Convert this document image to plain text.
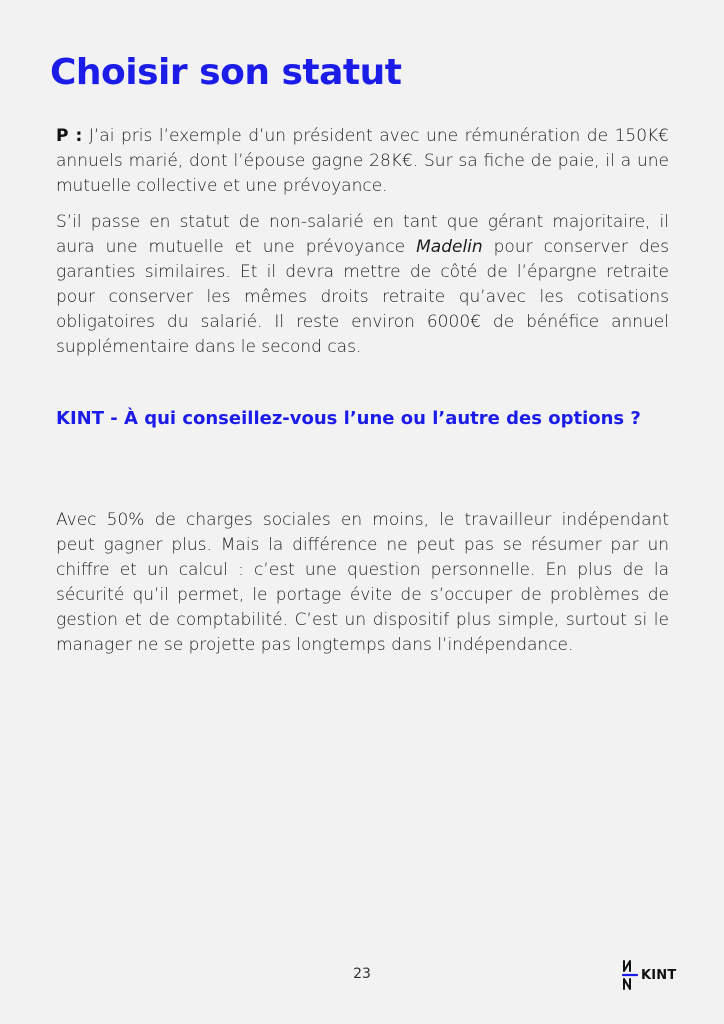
Choisir son statut

P : J’ai pris l’exemple d’un président avec une rémunération de 150K€ annuels marié, dont l’épouse gagne 28K€. Sur sa fiche de paie, il a une mutuelle collective et une prévoyance.

S’il passe en statut de non-salarié en tant que gérant majoritaire, il aura une mutuelle et une prévoyance Madelin pour conserver des garanties similaires. Et il devra mettre de côté de l’épargne retraite pour conserver les mêmes droits retraite qu’avec les cotisations obligatoires du salarié. Il reste environ 6000€ de bénéfice annuel supplémentaire dans le second cas.

KINT - À qui conseillez-vous l’une ou l’autre des options ?

Avec 50% de charges sociales en moins, le travailleur indépendant peut gagner plus. Mais la différence ne peut pas se résumer par un chiffre et un calcul : c’est une question personnelle. En plus de la sécurité qu’il permet, le portage évite de s’occuper de problèmes de gestion et de comptabilité. C’est un dispositif plus simple, surtout si le manager ne se projette pas longtemps dans l’indépendance.

23	KINT
